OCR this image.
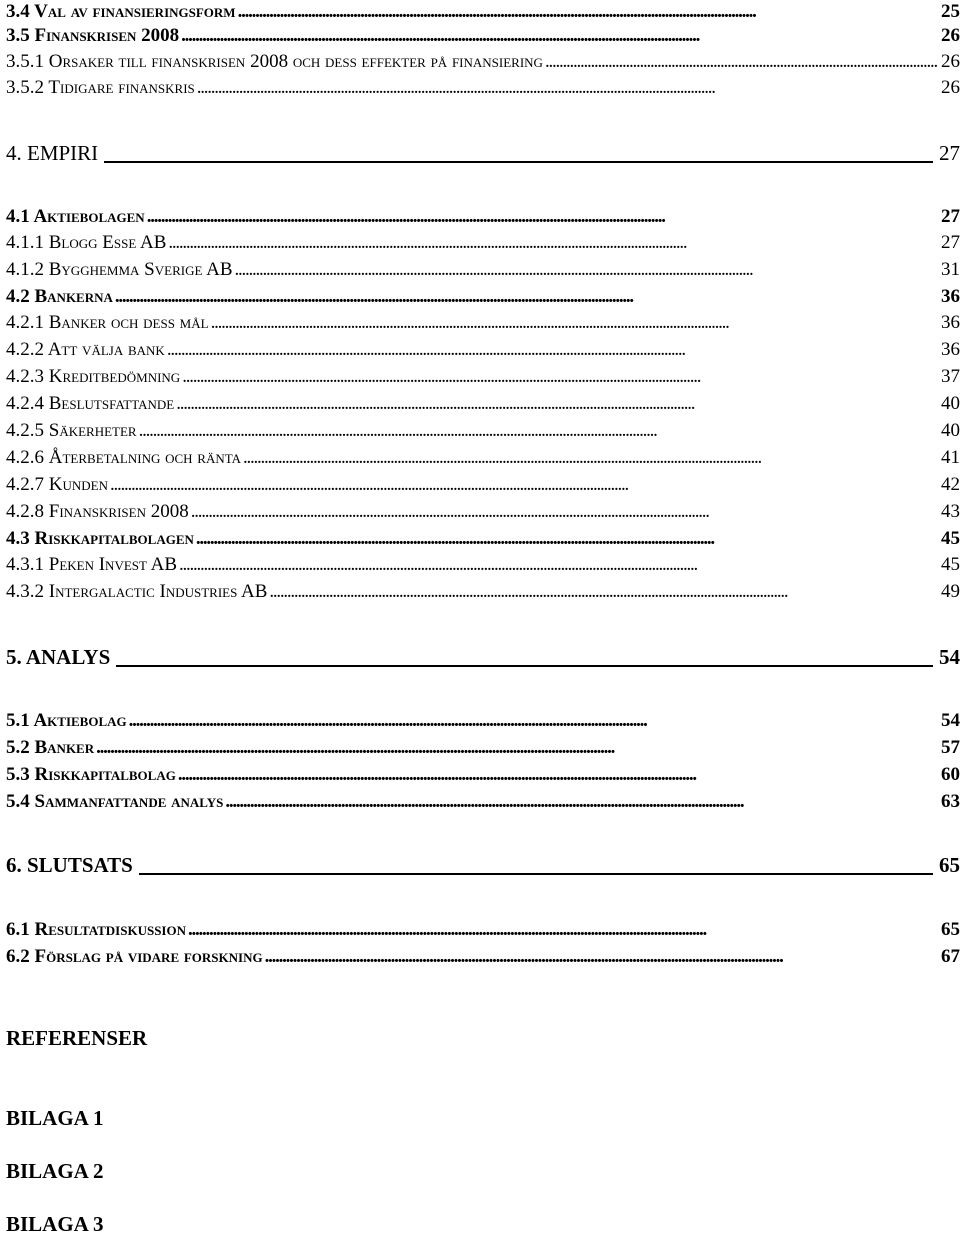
3.4 Val av finansieringsform . . .	25
3.5 Finanskrisen 2008 . . .	26
3.5.1 Orsaker till finanskrisen 2008 och dess effekter på finansiering . . .	26
3.5.2 Tidigare finanskris . . .	26
4. EMPIRI	27
4.1 Aktiebolagen . . .	27
4.1.1 Blogg Esse AB . . .	27
4.1.2 Bygghemma Sverige AB . . .	31
4.2 Bankerna . . .	36
4.2.1 Banker och dess mål . . .	36
4.2.2 Att välja bank . . .	36
4.2.3 Kreditbedömning . . .	37
4.2.4 Beslutsfattande . . .	40
4.2.5 Säkerheter . . .	40
4.2.6 Återbetalning och ränta . . .	41
4.2.7 Kunden . . .	42
4.2.8 Finanskrisen 2008 . . .	43
4.3 Riskkapitalbolagen . . .	45
4.3.1 Peken Invest AB . . .	45
4.3.2 Intergalactic Industries AB . . .	49
5. ANALYS	54
5.1 Aktiebolag . . .	54
5.2 Banker . . .	57
5.3 Riskkapitalbolag . . .	60
5.4 Sammanfattande analys . . .	63
6. SLUTSATS	65
6.1 Resultatdiskussion . . .	65
6.2 Förslag på vidare forskning . . .	67
REFERENSER
BILAGA 1
BILAGA 2
BILAGA 3
